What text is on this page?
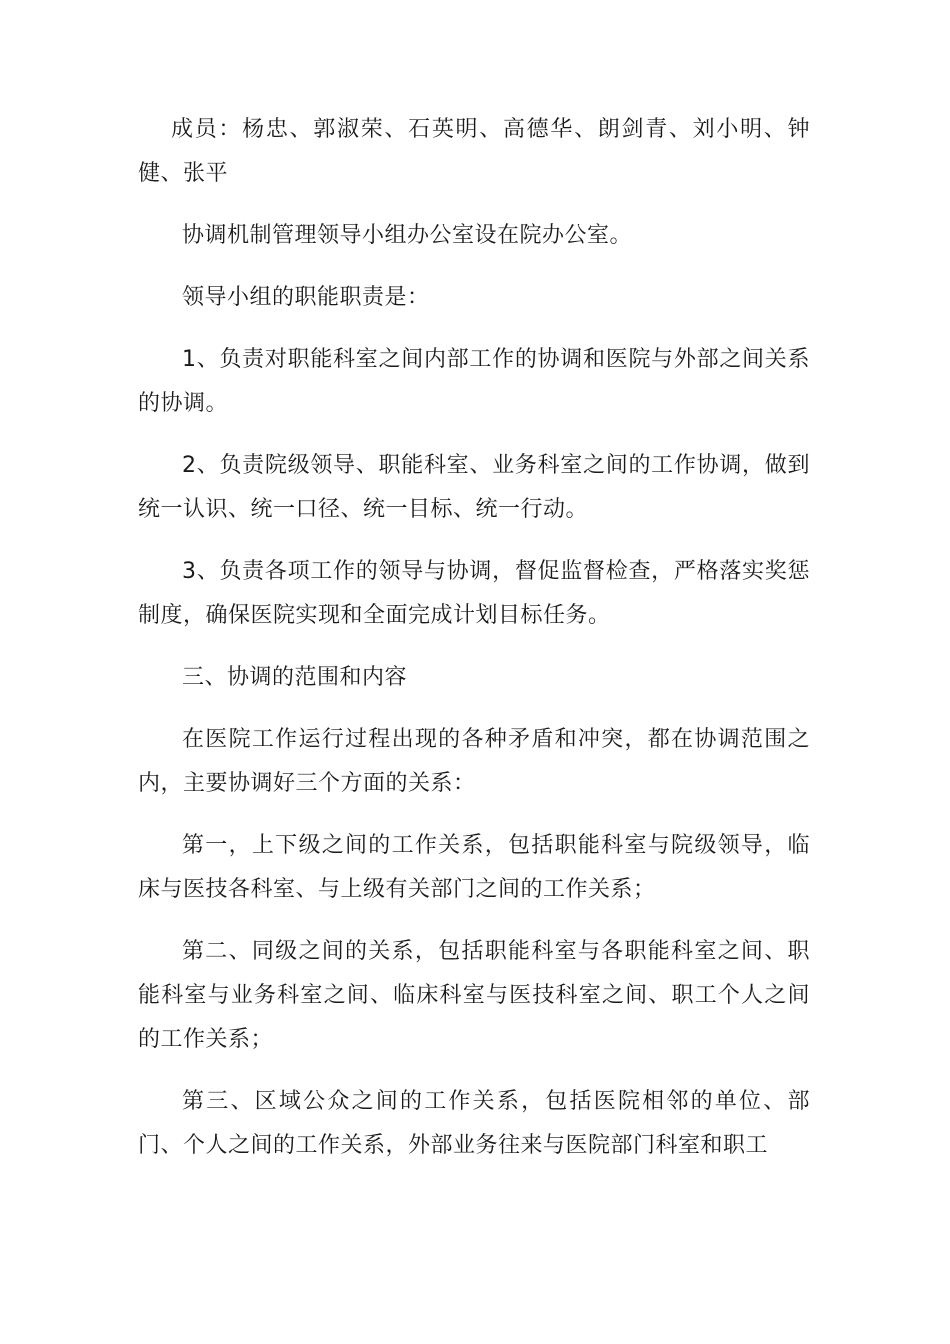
成员：杨忠、郭淑荣、石英明、高德华、朗剑青、刘小明、钟健、张平

协调机制管理领导小组办公室设在院办公室。

领导小组的职能职责是：

1、负责对职能科室之间内部工作的协调和医院与外部之间关系的协调。

2、负责院级领导、职能科室、业务科室之间的工作协调，做到统一认识、统一口径、统一目标、统一行动。

3、负责各项工作的领导与协调，督促监督检查，严格落实奖惩制度，确保医院实现和全面完成计划目标任务。

三、协调的范围和内容

在医院工作运行过程出现的各种矛盾和冲突，都在协调范围之内，主要协调好三个方面的关系：

第一，上下级之间的工作关系，包括职能科室与院级领导，临床与医技各科室、与上级有关部门之间的工作关系；

第二、同级之间的关系，包括职能科室与各职能科室之间、职能科室与业务科室之间、临床科室与医技科室之间、职工个人之间的工作关系；

第三、区域公众之间的工作关系，包括医院相邻的单位、部门、个人之间的工作关系，外部业务往来与医院部门科室和职工
